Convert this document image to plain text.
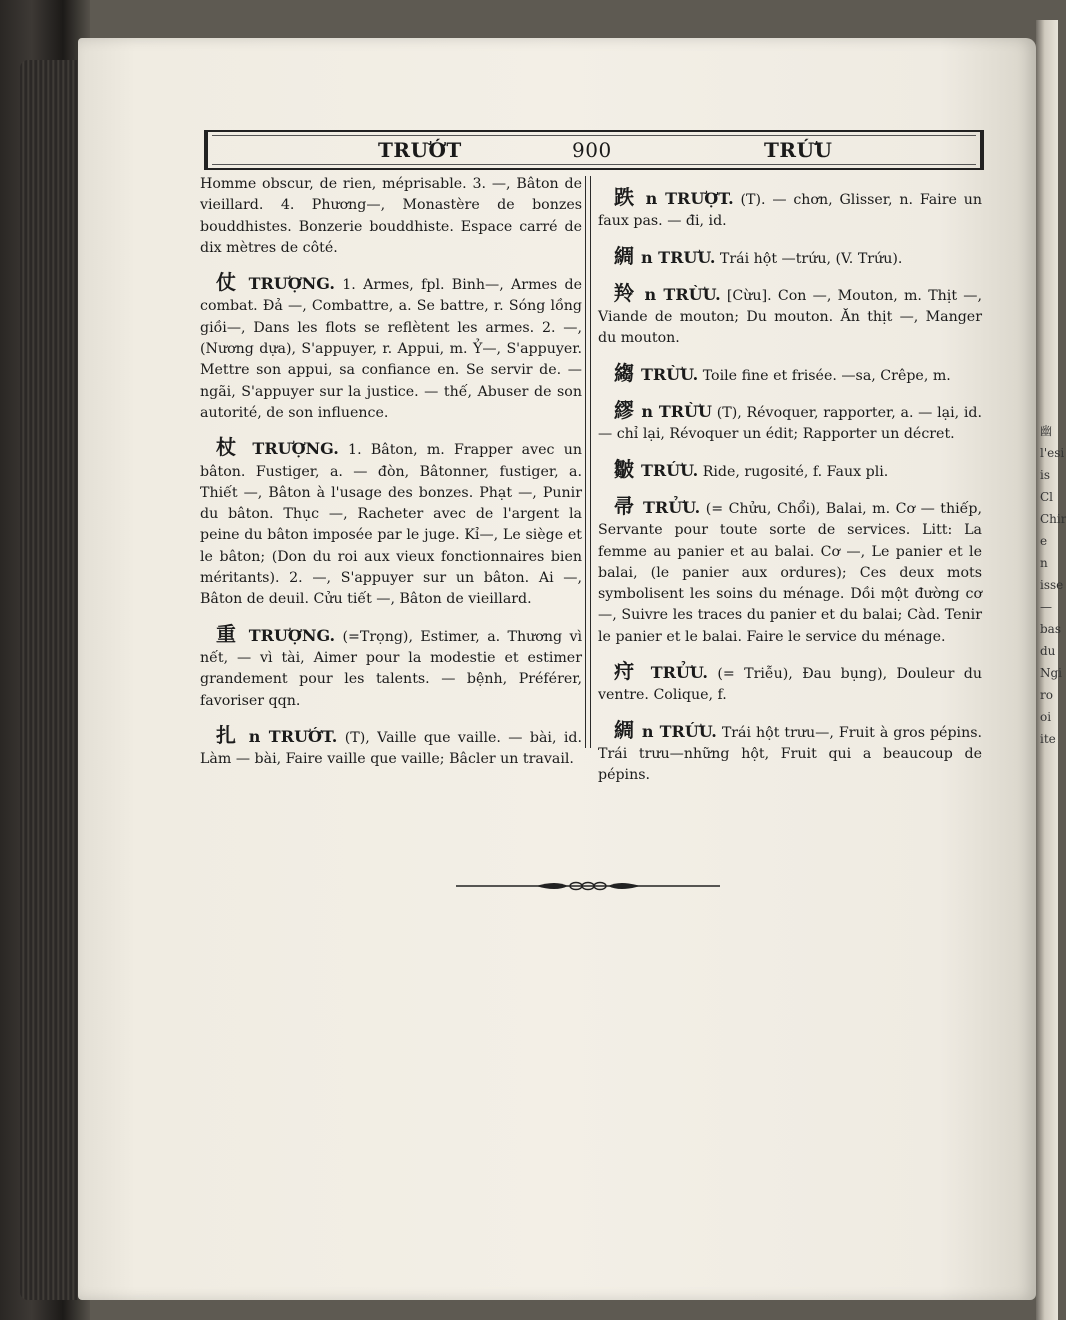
幽
l'esi
is
Cl
Chir
e
n
isse
—
bas
du
Ngi
ro
oi
ite
TRƯỚT	900	TRỨU

Homme obscur, de rien, méprisable. 3. —, Bâton de vieillard. 4. Phương—, Monastère de bonzes bouddhistes. Bonzerie bouddhiste. Espace carré de dix mètres de côté.

仗 TRƯỢNG. 1. Armes, fpl. Binh—, Armes de combat. Đả —, Combattre, a. Se battre, r. Sóng lồng giồi—, Dans les flots se reflètent les armes. 2. —, (Nương dựa), S'appuyer, r. Appui, m. Ỷ—, S'appuyer. Mettre son appui, sa confiance en. Se servir de. — ngãi, S'appuyer sur la justice. — thế, Abuser de son autorité, de son influence.

杖 TRƯỢNG. 1. Bâton, m. Frapper avec un bâton. Fustiger, a. — đòn, Bâtonner, fustiger, a. Thiết —, Bâton à l'usage des bonzes. Phạt —, Punir du bâton. Thục —, Racheter avec de l'argent la peine du bâton imposée par le juge. Kỉ—, Le siège et le bâton; (Don du roi aux vieux fonctionnaires bien méritants). 2. —, S'appuyer sur un bâton. Ai —, Bâton de deuil. Cửu tiết —, Bâton de vieillard.

重 TRƯỢNG. (=Trọng), Estimer, a. Thương vì nết, — vì tài, Aimer pour la modestie et estimer grandement pour les talents. — bệnh, Préférer, favoriser qqn.

扎 n TRƯỚT. (T), Vaille que vaille. — bài, id. Làm — bài, Faire vaille que vaille; Bâcler un travail.

跌 n TRƯỢT. (T). — chơn, Glisser, n. Faire un faux pas. — đi, id.

綢 n TRƯU. Trái hột —trứu, (V. Trứu).

羚 n TRỪU. [Cừu]. Con —, Mouton, m. Thịt —, Viande de mouton; Du mouton. Ăn thịt —, Manger du mouton.

縐 TRỪU. Toile fine et frisée. —sa, Crêpe, m.

繆 n TRỪU (T), Révoquer, rapporter, a. — lại, id. — chỉ lại, Révoquer un édit; Rapporter un décret.

皺 TRỨU. Ride, rugosité, f. Faux pli.

帚 TRỬU. (= Chửu, Chổi), Balai, m. Cơ — thiếp, Servante pour toute sorte de services. Litt: La femme au panier et au balai. Cơ —, Le panier et le balai, (le panier aux ordures); Ces deux mots symbolisent les soins du ménage. Dồi một đường cơ —, Suivre les traces du panier et du balai; Càd. Tenir le panier et le balai. Faire le service du ménage.

疛 TRỬU. (= Triễu), Đau bụng), Douleur du ventre. Colique, f.

綢 n TRỨU. Trái hột trưu—, Fruit à gros pépins. Trái trưu—những hột, Fruit qui a beaucoup de pépins.
